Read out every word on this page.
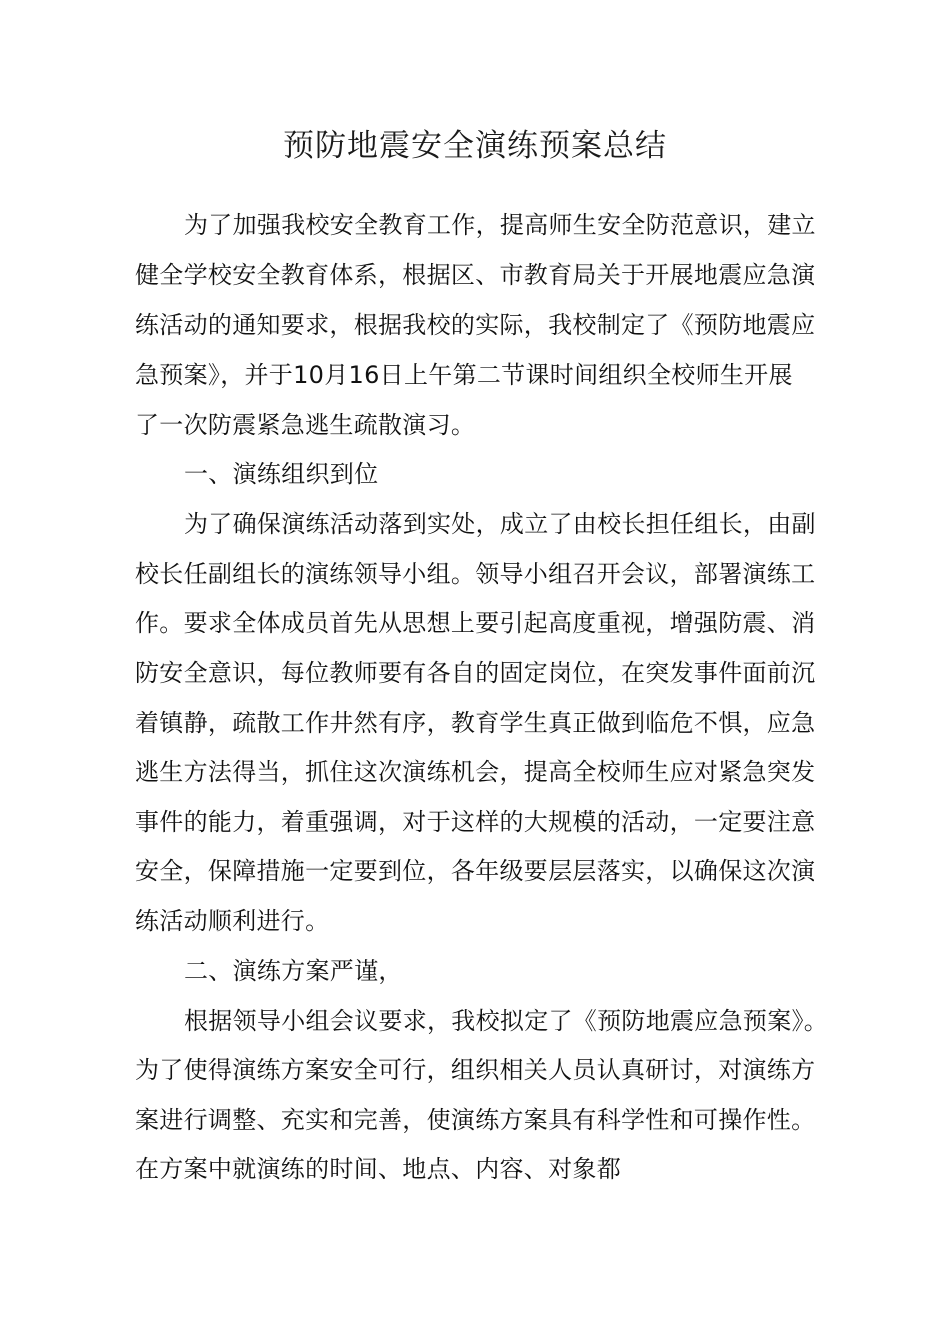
预防地震安全演练预案总结
为了加强我校安全教育工作，提高师生安全防范意识，建立
健全学校安全教育体系，根据区、市教育局关于开展地震应急演
练活动的通知要求，根据我校的实际，我校制定了《预防地震应
急预案》，并于10月16日上午第二节课时间组织全校师生开展
了一次防震紧急逃生疏散演习。
一、演练组织到位
为了确保演练活动落到实处，成立了由校长担任组长，由副
校长任副组长的演练领导小组。领导小组召开会议，部署演练工
作。要求全体成员首先从思想上要引起高度重视，增强防震、消
防安全意识，每位教师要有各自的固定岗位，在突发事件面前沉
着镇静，疏散工作井然有序，教育学生真正做到临危不惧，应急
逃生方法得当，抓住这次演练机会，提高全校师生应对紧急突发
事件的能力，着重强调，对于这样的大规模的活动，一定要注意
安全，保障措施一定要到位，各年级要层层落实，以确保这次演
练活动顺利进行。
二、演练方案严谨，
根据领导小组会议要求，我校拟定了《预防地震应急预案》。
为了使得演练方案安全可行，组织相关人员认真研讨，对演练方
案进行调整、充实和完善，使演练方案具有科学性和可操作性。
在方案中就演练的时间、地点、内容、对象都
